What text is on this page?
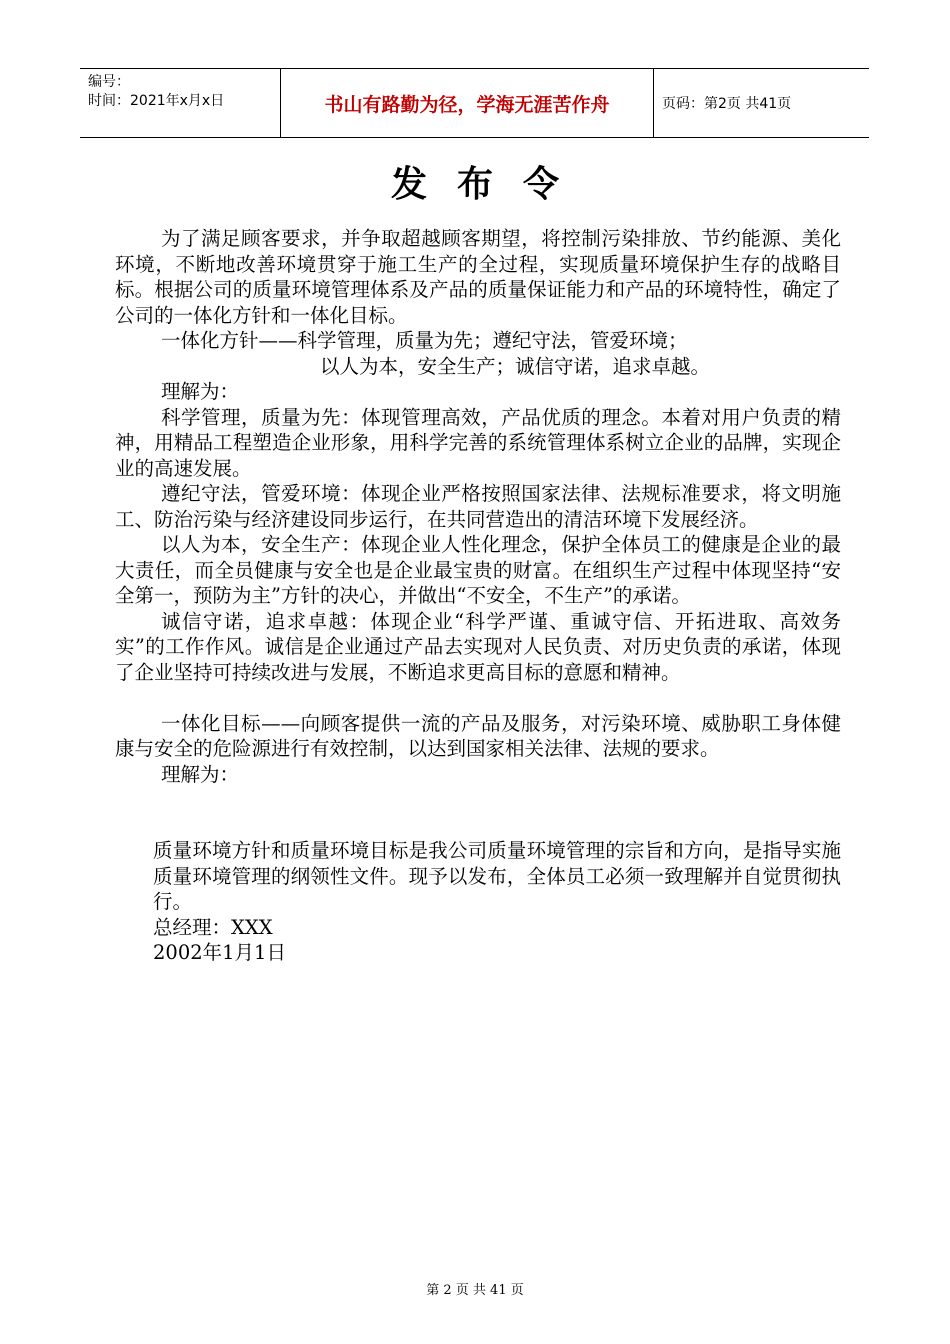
编号：
时间：2021年x月x日	书山有路勤为径，学海无涯苦作舟	页码：第2页 共41页
发布令

为了满足顾客要求，并争取超越顾客期望，将控制污染排放、节约能源、美化环境，不断地改善环境贯穿于施工生产的全过程，实现质量环境保护生存的战略目标。根据公司的质量环境管理体系及产品的质量保证能力和产品的环境特性，确定了公司的一体化方针和一体化目标。

一体化方针——科学管理，质量为先；遵纪守法，管爱环境；

以人为本，安全生产；诚信守诺，追求卓越。

理解为：

科学管理，质量为先：体现管理高效，产品优质的理念。本着对用户负责的精神，用精品工程塑造企业形象，用科学完善的系统管理体系树立企业的品牌，实现企业的高速发展。

遵纪守法，管爱环境：体现企业严格按照国家法律、法规标准要求，将文明施工、防治污染与经济建设同步运行，在共同营造出的清洁环境下发展经济。

以人为本，安全生产：体现企业人性化理念，保护全体员工的健康是企业的最大责任，而全员健康与安全也是企业最宝贵的财富。在组织生产过程中体现坚持“安全第一，预防为主”方针的决心，并做出“不安全，不生产”的承诺。

诚信守诺，追求卓越：体现企业“科学严谨、重诚守信、开拓进取、高效务实”的工作作风。诚信是企业通过产品去实现对人民负责、对历史负责的承诺，体现了企业坚持可持续改进与发展，不断追求更高目标的意愿和精神。

一体化目标——向顾客提供一流的产品及服务，对污染环境、威胁职工身体健康与安全的危险源进行有效控制，以达到国家相关法律、法规的要求。

理解为：

质量环境方针和质量环境目标是我公司质量环境管理的宗旨和方向，是指导实施质量环境管理的纲领性文件。现予以发布，全体员工必须一致理解并自觉贯彻执行。

总经理：XXX

2002年1月1日

第 2 页 共 41 页
